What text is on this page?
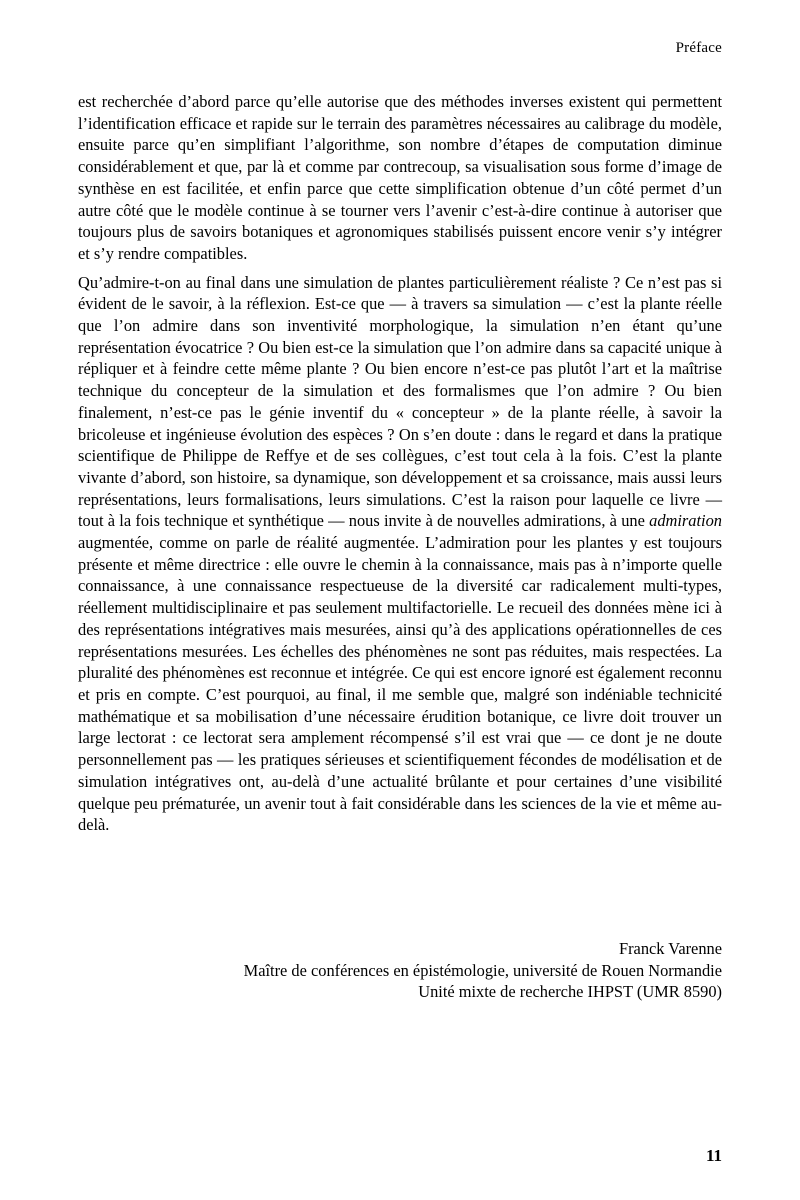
Préface

est recherchée d’abord parce qu’elle autorise que des méthodes inverses existent qui permettent l’identification efficace et rapide sur le terrain des paramètres nécessaires au calibrage du modèle, ensuite parce qu’en simplifiant l’algorithme, son nombre d’étapes de computation diminue considérablement et que, par là et comme par contrecoup, sa visualisation sous forme d’image de synthèse en est facilitée, et enfin parce que cette simplification obtenue d’un côté permet d’un autre côté que le modèle continue à se tourner vers l’avenir c’est-à-dire continue à autoriser que toujours plus de savoirs botaniques et agronomiques stabilisés puissent encore venir s’y intégrer et s’y rendre compatibles.

Qu’admire-t-on au final dans une simulation de plantes particulièrement réaliste ? Ce n’est pas si évident de le savoir, à la réflexion. Est-ce que — à travers sa simulation — c’est la plante réelle que l’on admire dans son inventivité morphologique, la simulation n’en étant qu’une représentation évocatrice ? Ou bien est-ce la simulation que l’on admire dans sa capacité unique à répliquer et à feindre cette même plante ? Ou bien encore n’est-ce pas plutôt l’art et la maîtrise technique du concepteur de la simulation et des formalismes que l’on admire ? Ou bien finalement, n’est-ce pas le génie inventif du « concepteur » de la plante réelle, à savoir la bricoleuse et ingénieuse évolution des espèces ? On s’en doute : dans le regard et dans la pratique scientifique de Philippe de Reffye et de ses collègues, c’est tout cela à la fois. C’est la plante vivante d’abord, son histoire, sa dynamique, son développement et sa croissance, mais aussi leurs représentations, leurs formalisations, leurs simulations. C’est la raison pour laquelle ce livre — tout à la fois technique et synthétique — nous invite à de nouvelles admirations, à une admiration augmentée, comme on parle de réalité augmentée. L’admiration pour les plantes y est toujours présente et même directrice : elle ouvre le chemin à la connaissance, mais pas à n’importe quelle connaissance, à une connaissance respectueuse de la diversité car radicalement multi-types, réellement multidisciplinaire et pas seulement multifactorielle. Le recueil des données mène ici à des représentations intégratives mais mesurées, ainsi qu’à des applications opérationnelles de ces représentations mesurées. Les échelles des phénomènes ne sont pas réduites, mais respectées. La pluralité des phénomènes est reconnue et intégrée. Ce qui est encore ignoré est également reconnu et pris en compte. C’est pourquoi, au final, il me semble que, malgré son indéniable technicité mathématique et sa mobilisation d’une nécessaire érudition botanique, ce livre doit trouver un large lectorat : ce lectorat sera amplement récompensé s’il est vrai que — ce dont je ne doute personnellement pas — les pratiques sérieuses et scientifiquement fécondes de modélisation et de simulation intégratives ont, au-delà d’une actualité brûlante et pour certaines d’une visibilité quelque peu prématurée, un avenir tout à fait considérable dans les sciences de la vie et même au-delà.

Franck Varenne
Maître de conférences en épistémologie, université de Rouen Normandie
Unité mixte de recherche IHPST (UMR 8590)
11
